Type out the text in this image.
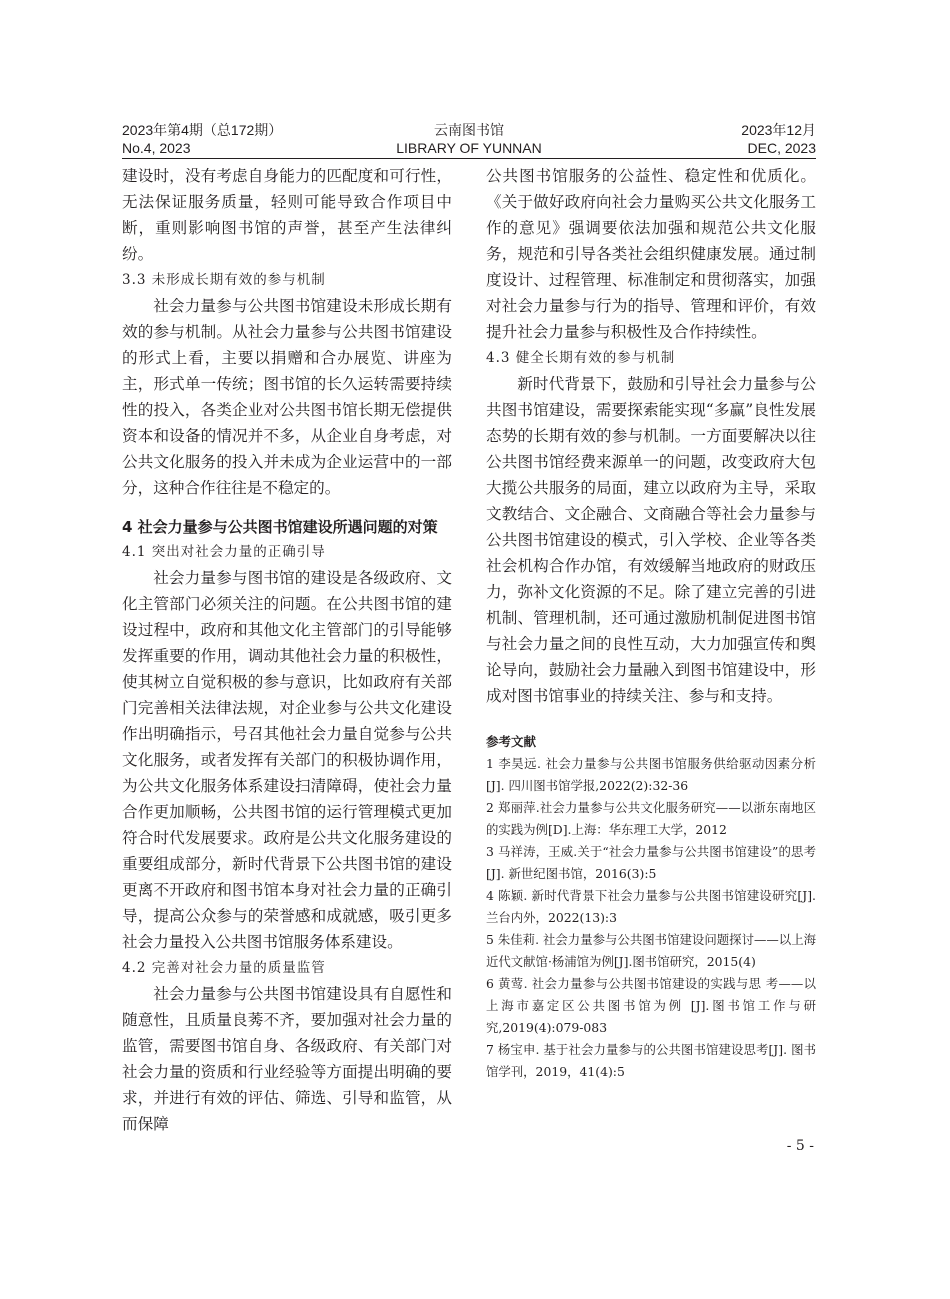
2023年第4期（总172期）
No.4, 2023
云南图书馆
LIBRARY OF YUNNAN
2023年12月
DEC, 2023

建设时，没有考虑自身能力的匹配度和可行性，无法保证服务质量，轻则可能导致合作项目中断，重则影响图书馆的声誉，甚至产生法律纠纷。

3.3 未形成长期有效的参与机制

社会力量参与公共图书馆建设未形成长期有效的参与机制。从社会力量参与公共图书馆建设的形式上看，主要以捐赠和合办展览、讲座为主，形式单一传统；图书馆的长久运转需要持续性的投入，各类企业对公共图书馆长期无偿提供资本和设备的情况并不多，从企业自身考虑，对公共文化服务的投入并未成为企业运营中的一部分，这种合作往往是不稳定的。

4 社会力量参与公共图书馆建设所遇问题的对策

4.1 突出对社会力量的正确引导

社会力量参与图书馆的建设是各级政府、文化主管部门必须关注的问题。在公共图书馆的建设过程中，政府和其他文化主管部门的引导能够发挥重要的作用，调动其他社会力量的积极性，使其树立自觉积极的参与意识，比如政府有关部门完善相关法律法规，对企业参与公共文化建设作出明确指示，号召其他社会力量自觉参与公共文化服务，或者发挥有关部门的积极协调作用，为公共文化服务体系建设扫清障碍，使社会力量合作更加顺畅，公共图书馆的运行管理模式更加符合时代发展要求。政府是公共文化服务建设的重要组成部分，新时代背景下公共图书馆的建设更离不开政府和图书馆本身对社会力量的正确引导，提高公众参与的荣誉感和成就感，吸引更多社会力量投入公共图书馆服务体系建设。

4.2 完善对社会力量的质量监管

社会力量参与公共图书馆建设具有自愿性和随意性，且质量良莠不齐，要加强对社会力量的监管，需要图书馆自身、各级政府、有关部门对社会力量的资质和行业经验等方面提出明确的要求，并进行有效的评估、筛选、引导和监管，从而保障

公共图书馆服务的公益性、稳定性和优质化。《关于做好政府向社会力量购买公共文化服务工作的意见》强调要依法加强和规范公共文化服务，规范和引导各类社会组织健康发展。通过制度设计、过程管理、标准制定和贯彻落实，加强对社会力量参与行为的指导、管理和评价，有效提升社会力量参与积极性及合作持续性。

4.3 健全长期有效的参与机制

新时代背景下，鼓励和引导社会力量参与公共图书馆建设，需要探索能实现“多赢”良性发展态势的长期有效的参与机制。一方面要解决以往公共图书馆经费来源单一的问题，改变政府大包大揽公共服务的局面，建立以政府为主导，采取文教结合、文企融合、文商融合等社会力量参与公共图书馆建设的模式，引入学校、企业等各类社会机构合作办馆，有效缓解当地政府的财政压力，弥补文化资源的不足。除了建立完善的引进机制、管理机制，还可通过激励机制促进图书馆与社会力量之间的良性互动，大力加强宣传和舆论导向，鼓励社会力量融入到图书馆建设中，形成对图书馆事业的持续关注、参与和支持。

参考文献

1 李昊远. 社会力量参与公共图书馆服务供给驱动因素分析[J]. 四川图书馆学报,2022(2):32-36

2 郑丽萍.社会力量参与公共文化服务研究——以浙东南地区的实践为例[D].上海：华东理工大学，2012

3 马祥涛，王威.关于“社会力量参与公共图书馆建设”的思考[J]. 新世纪图书馆，2016(3):5

4 陈颖. 新时代背景下社会力量参与公共图书馆建设研究[J]. 兰台内外，2022(13):3

5 朱佳莉. 社会力量参与公共图书馆建设问题探讨——以上海近代文献馆·杨浦馆为例[J].图书馆研究，2015(4)

6 黄莺. 社会力量参与公共图书馆建设的实践与思 考——以上海市嘉定区公共图书馆为例 [J].图书馆工作与研究,2019(4):079-083

7 杨宝申. 基于社会力量参与的公共图书馆建设思考[J]. 图书馆学刊，2019，41(4):5

- 5 -
